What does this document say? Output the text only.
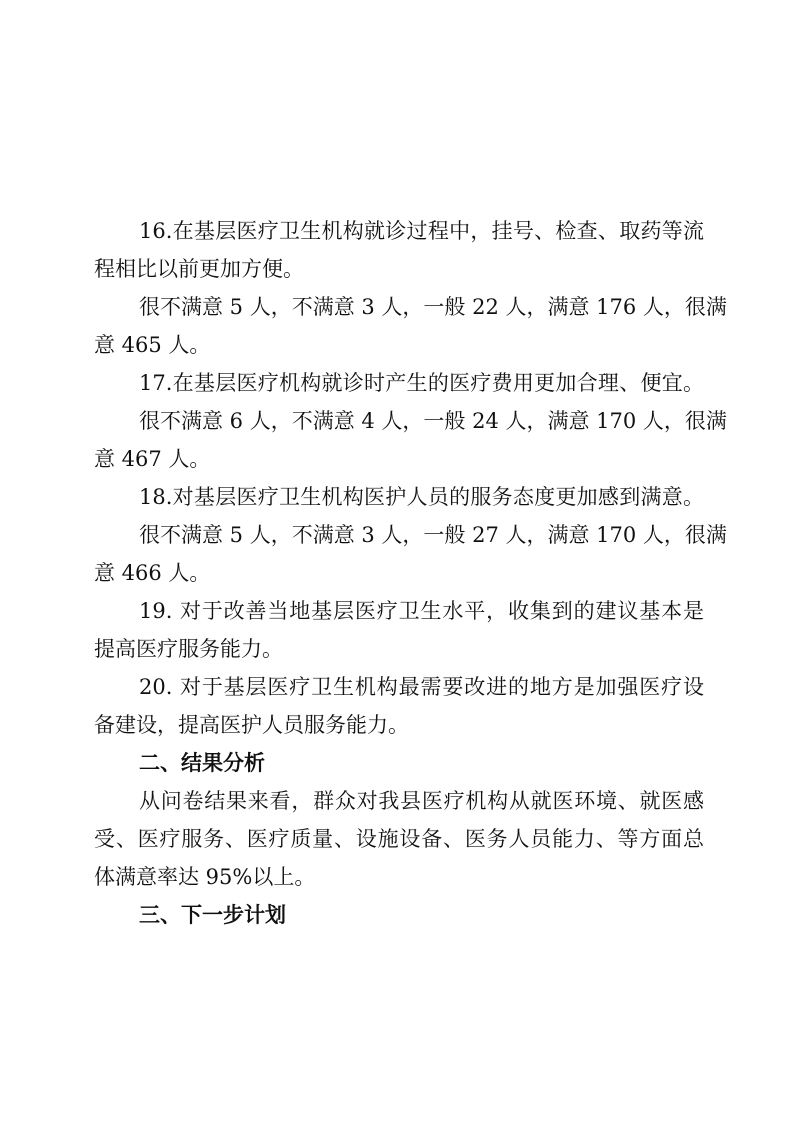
16.在基层医疗卫生机构就诊过程中，挂号、检查、取药等流
程相比以前更加方便。
很不满意 5 人，不满意 3 人，一般 22 人，满意 176 人，很满
意 465 人。
17.在基层医疗机构就诊时产生的医疗费用更加合理、便宜。
很不满意 6 人，不满意 4 人，一般 24 人，满意 170 人，很满
意 467 人。
18.对基层医疗卫生机构医护人员的服务态度更加感到满意。
很不满意 5 人，不满意 3 人，一般 27 人，满意 170 人，很满
意 466 人。
19. 对于改善当地基层医疗卫生水平，收集到的建议基本是
提高医疗服务能力。
20. 对于基层医疗卫生机构最需要改进的地方是加强医疗设
备建设，提高医护人员服务能力。
二、结果分析
从问卷结果来看，群众对我县医疗机构从就医环境、就医感
受、医疗服务、医疗质量、设施设备、医务人员能力、等方面总
体满意率达 95%以上。
三、下一步计划
